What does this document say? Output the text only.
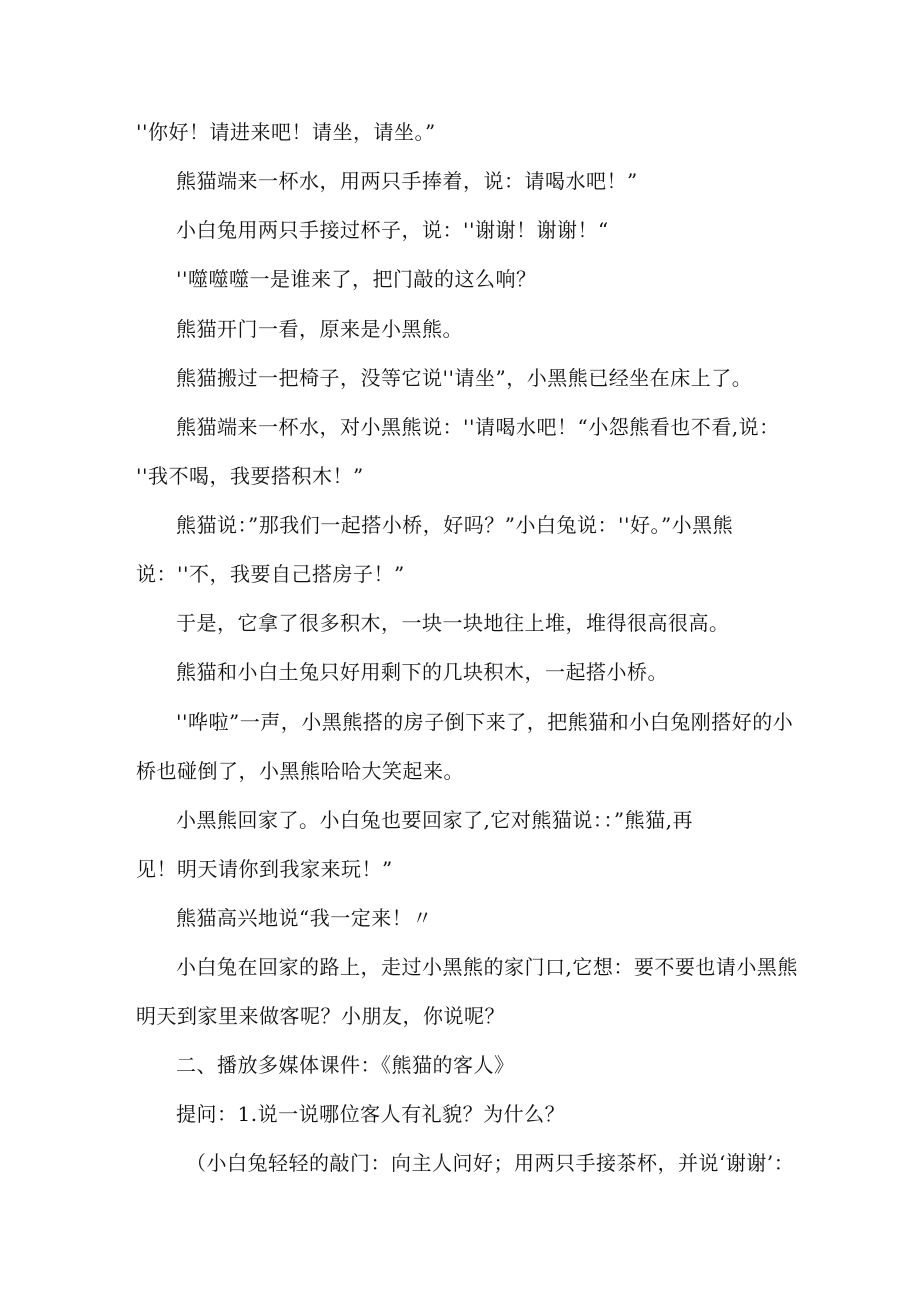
''你好！请进来吧！请坐，请坐。”
熊猫端来一杯水，用两只手捧着，说：请喝水吧！”
小白兔用两只手接过杯子，说：''谢谢！谢谢！“
''噬噬噬一是谁来了，把门敲的这么响？
熊猫开门一看，原来是小黑熊。
熊猫搬过一把椅子，没等它说''请坐”，小黑熊已经坐在床上了。
熊猫端来一杯水，对小黑熊说：''请喝水吧！“小怨熊看也不看,说：
''我不喝，我要搭积木！”
熊猫说：”那我们一起搭小桥，好吗？”小白兔说：''好。”小黑熊
说：''不，我要自己搭房子！”
于是，它拿了很多积木，一块一块地往上堆，堆得很高很高。
熊猫和小白土兔只好用剩下的几块积木，一起搭小桥。
''哗啦”一声，小黑熊搭的房子倒下来了，把熊猫和小白兔刚搭好的小
桥也碰倒了，小黑熊哈哈大笑起来。
小黑熊回家了。小白兔也要回家了,它对熊猫说：：”熊猫,再
见！明天请你到我家来玩！”
熊猫高兴地说“我一定来！〃
小白兔在回家的路上，走过小黑熊的家门口,它想：要不要也请小黑熊
明天到家里来做客呢？小朋友，你说呢？
二、播放多媒体课件：《熊猫的客人》
提问：1.说一说哪位客人有礼貌？为什么？
（小白兔轻轻的敲门：向主人问好；用两只手接茶杯，并说‘谢谢’：
